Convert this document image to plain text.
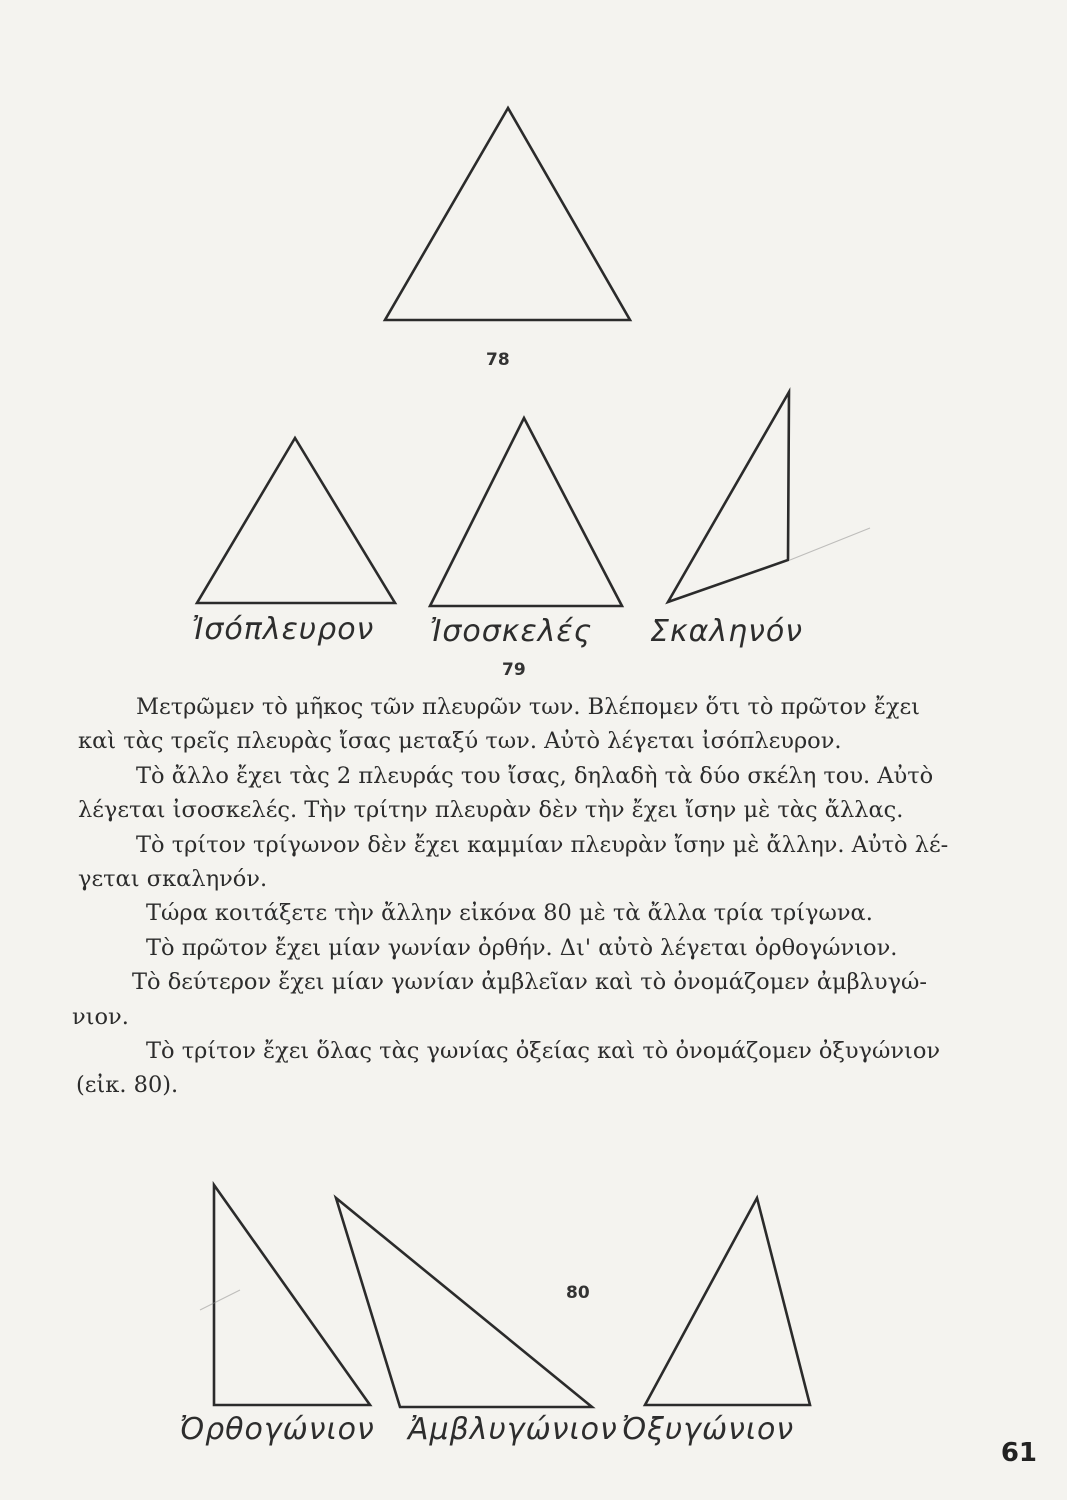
78
79
80
Ἰσόπλευρον Ἰσοσκελές Σκαληνόν
Ὀρθογώνιον Ἀμβλυγώνιον Ὀξυγώνιον

Μετρῶμεν τὸ μῆκος τῶν πλευρῶν των. Βλέπομεν ὅτι τὸ πρῶτον ἔχει

καὶ τὰς τρεῖς πλευρὰς ἴσας μεταξύ των. Αὐτὸ λέγεται ἰσόπλευρον.

Τὸ ἄλλο ἔχει τὰς 2 πλευράς του ἴσας, δηλαδὴ τὰ δύο σκέλη του. Αὐτὸ

λέγεται ἰσοσκελές. Τὴν τρίτην πλευρὰν δὲν τὴν ἔχει ἴσην μὲ τὰς ἄλλας.

Τὸ τρίτον τρίγωνον δὲν ἔχει καμμίαν πλευρὰν ἴσην μὲ ἄλλην. Αὐτὸ λέ-

γεται σκαληνόν.

Τώρα κοιτάξετε τὴν ἄλλην εἰκόνα 80 μὲ τὰ ἄλλα τρία τρίγωνα.

Τὸ πρῶτον ἔχει μίαν γωνίαν ὀρθήν. Δι' αὐτὸ λέγεται ὀρθογώνιον.

Τὸ δεύτερον ἔχει μίαν γωνίαν ἀμβλεῖαν καὶ τὸ ὀνομάζομεν ἀμβλυγώ-

νιον.

Τὸ τρίτον ἔχει ὅλας τὰς γωνίας ὀξείας καὶ τὸ ὀνομάζομεν ὀξυγώνιον

(εἰκ. 80).

61
